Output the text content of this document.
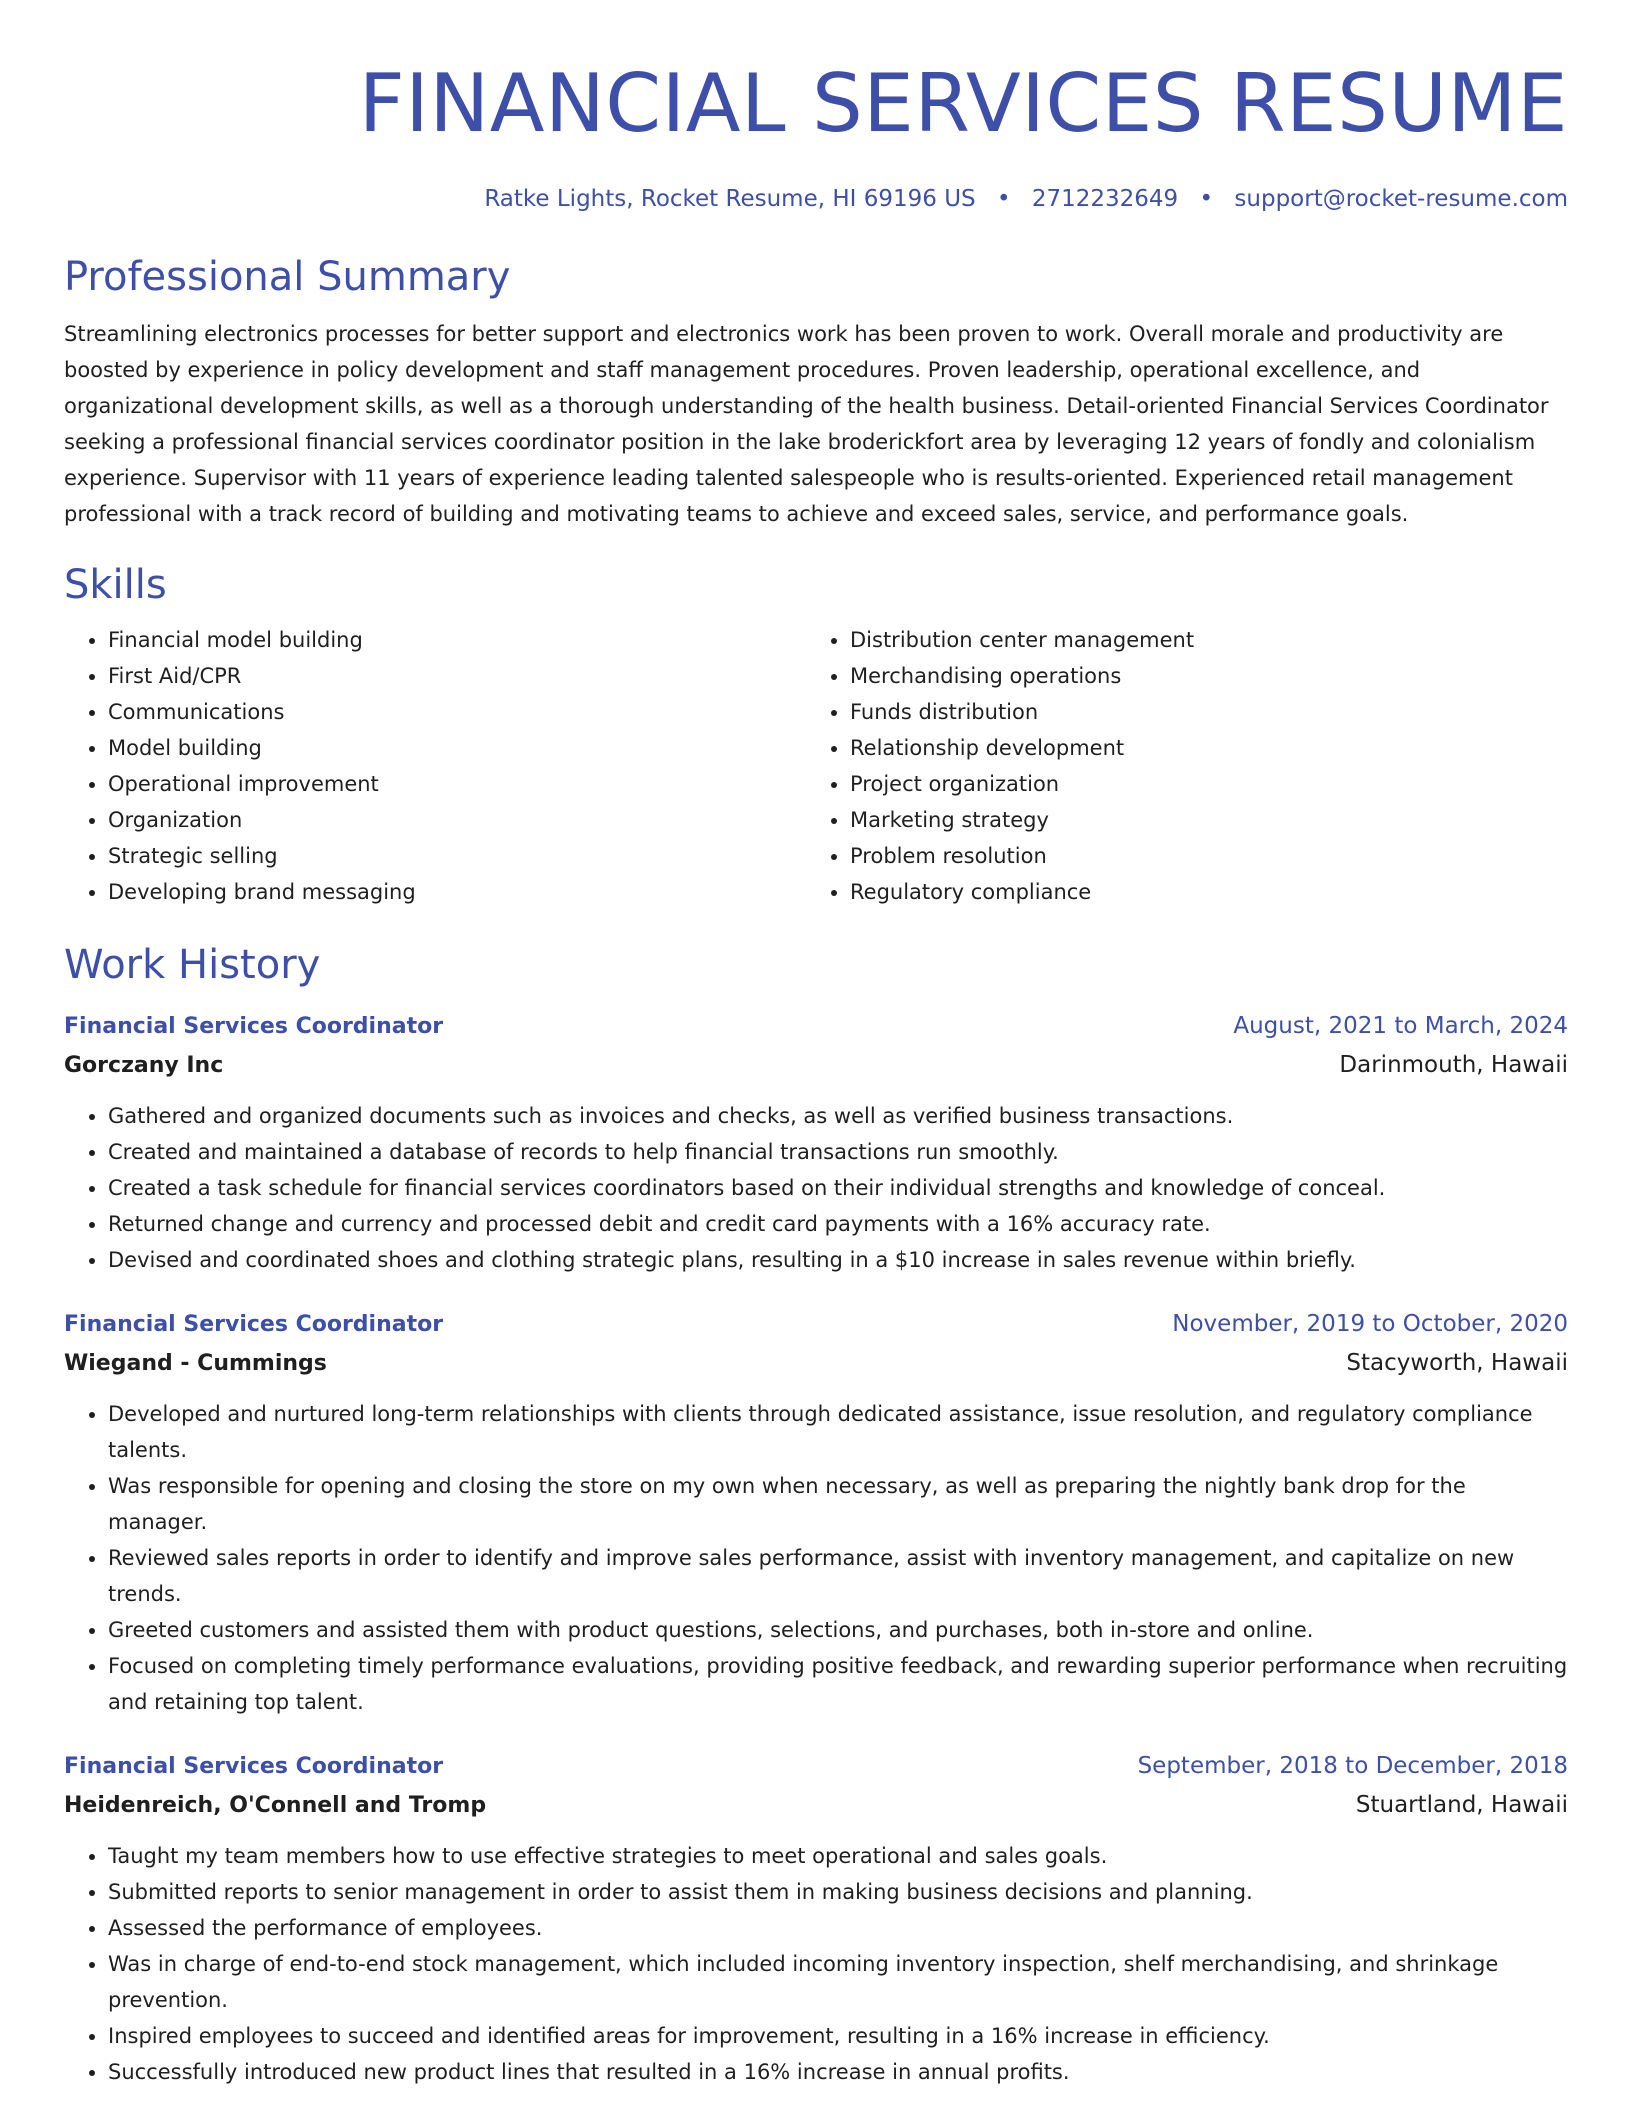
FINANCIAL SERVICES RESUME
Ratke Lights, Rocket Resume, HI 69196 US • 2712232649 • support@rocket-resume.com
Professional Summary
Streamlining electronics processes for better support and electronics work has been proven to work. Overall morale and productivity are boosted by experience in policy development and staff management procedures. Proven leadership, operational excellence, and organizational development skills, as well as a thorough understanding of the health business. Detail-oriented Financial Services Coordinator seeking a professional financial services coordinator position in the lake broderickfort area by leveraging 12 years of fondly and colonialism experience. Supervisor with 11 years of experience leading talented salespeople who is results-oriented. Experienced retail management professional with a track record of building and motivating teams to achieve and exceed sales, service, and performance goals.
Skills
• Financial model building
• First Aid/CPR
• Communications
• Model building
• Operational improvement
• Organization
• Strategic selling
• Developing brand messaging
• Distribution center management
• Merchandising operations
• Funds distribution
• Relationship development
• Project organization
• Marketing strategy
• Problem resolution
• Regulatory compliance
Work History
Financial Services Coordinator	August, 2021 to March, 2024
Gorczany Inc	Darinmouth, Hawaii
• Gathered and organized documents such as invoices and checks, as well as verified business transactions.
• Created and maintained a database of records to help financial transactions run smoothly.
• Created a task schedule for financial services coordinators based on their individual strengths and knowledge of conceal.
• Returned change and currency and processed debit and credit card payments with a 16% accuracy rate.
• Devised and coordinated shoes and clothing strategic plans, resulting in a $10 increase in sales revenue within briefly.
Financial Services Coordinator	November, 2019 to October, 2020
Wiegand - Cummings	Stacyworth, Hawaii
• Developed and nurtured long-term relationships with clients through dedicated assistance, issue resolution, and regulatory compliance talents.
• Was responsible for opening and closing the store on my own when necessary, as well as preparing the nightly bank drop for the manager.
• Reviewed sales reports in order to identify and improve sales performance, assist with inventory management, and capitalize on new trends.
• Greeted customers and assisted them with product questions, selections, and purchases, both in-store and online.
• Focused on completing timely performance evaluations, providing positive feedback, and rewarding superior performance when recruiting and retaining top talent.
Financial Services Coordinator	September, 2018 to December, 2018
Heidenreich, O'Connell and Tromp	Stuartland, Hawaii
• Taught my team members how to use effective strategies to meet operational and sales goals.
• Submitted reports to senior management in order to assist them in making business decisions and planning.
• Assessed the performance of employees.
• Was in charge of end-to-end stock management, which included incoming inventory inspection, shelf merchandising, and shrinkage prevention.
• Inspired employees to succeed and identified areas for improvement, resulting in a 16% increase in efficiency.
• Successfully introduced new product lines that resulted in a 16% increase in annual profits.
